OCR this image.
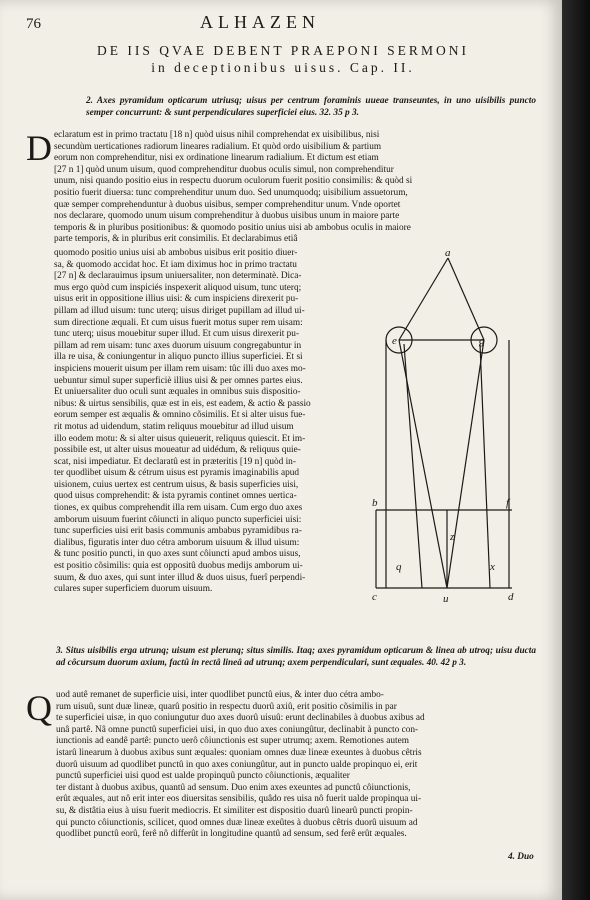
76	ALHAZEN
DE IIS QVAE DEBENT PRAEPONI SERMONI
in deceptionibus uisus. Cap. II.
2. Axes pyramidum opticarum utriusq; uisus per centrum foraminis uueae transeuntes, in uno uisibilis puncto semper concurrunt: & sunt perpendiculares superficiei eius. 32. 35 p 3.
D eclaratum est in primo tractatu [18 n] quòd uisus nihil comprehendat ex uisibilibus, nisi
secundùm uerticationes radiorum lineares radialium. Et quòd ordo uisibilium & partium
eorum non comprehenditur, nisi ex ordinatione linearum radialium. Et dictum est etiam
[27 n 1] quòd unum uisum, quod comprehenditur duobus oculis simul, non comprehenditur
unum, nisi quando positio eius in respectu duorum oculorum fuerit positio consimilis: & quòd si
positio fuerit diuersa: tunc comprehenditur unum duo. Sed unumquodq; uisibilium assuetorum,
quæ semper comprehenduntur à duobus uisibus, semper comprehenditur unum. Vnde oportet
nos declarare, quomodo unum uisum comprehenditur à duobus uisibus unum in maiore parte
temporis & in pluribus positionibus: & quomodo positio unius uisi ab ambobus oculis in maiore
parte temporis, & in pluribus erit consimilis. Et declarabimus etiâ
quomodo positio unius uisi ab ambobus uisibus erit positio diuer-
sa, & quomodo accidat hoc. Et iam diximus hoc in primo tractatu
[27 n] & declarauimus ipsum uniuersaliter, non determinatè. Dica-
mus ergo quòd cum inspiciés inspexerit aliquod uisum, tunc uterq;
uisus erit in oppositione illius uisi: & cum inspiciens direxerit pu-
pillam ad illud uisum: tunc uterq; uisus diriget pupillam ad illud ui-
sum directione æquali. Et cum uisus fuerit motus super rem uisam:
tunc uterq; uisus mouebitur super illud. Et cum uisus direxerit pu-
pillam ad rem uisam: tunc axes duorum uisuum congregabuntur in
illa re uisa, & coniungentur in aliquo puncto illius superficiei. Et si
inspiciens mouerit uisum per illam rem uisam: tûc illi duo axes mo-
uebuntur simul super superficiè illius uisi & per omnes partes eius.
Et uniuersaliter duo oculi sunt æquales in omnibus suis dispositio-
nibus: & uirtus sensibilis, quæ est in eis, est eadem, & actio & passio
eorum semper est æqualis & omnino cõsimilis. Et si alter uisus fue-
rit motus ad uidendum, statim reliquus mouebitur ad illud uisum
illo eodem motu: & si alter uisus quieuerit, reliquus quiescit. Et im-
possibile est, ut alter uisus moueatur ad uidédum, & reliquus quie-
scat, nisi impediatur. Et declaratû est in præteritis [19 n] quòd in-
ter quodlibet uisum & cétrum uisus est pyramis imaginabilis apud
uisionem, cuius uertex est centrum uisus, & basis superficies uisi,
quod uisus comprehendit: & ista pyramis continet omnes uertica-
tiones, ex quibus comprehendit illa rem uisam. Cum ergo duo axes
amborum uisuum fuerint côiuncti in aliquo puncto superficiei uisi:
tunc superficies uisi erit basis communis ambabus pyramidibus ra-
dialibus, figuratis inter duo cétra amborum uisuum & illud uisum:
& tunc positio puncti, in quo axes sunt côiuncti apud ambos uisus,
est positio cõsimilis: quia est oppositû duobus medijs amborum ui-
suum, & duo axes, qui sunt inter illud & duos uisus, fuerî perpendi-
culares super superficiem duorum uisuum.
a
e	g
b
z
f
q	x
c	u	d
3. Situs uisibilis erga utrunq; uisum est plerunq; situs similis. Itaq; axes pyramidum opticarum & linea ab utroq; uisu ducta ad côcursum duorum axium, factû in rectâ lineâ ad utrunq; axem perpendiculari, sunt æquales. 40. 42 p 3.
Q uod autê remanet de superficie uisi, inter quodlibet punctû eius, & inter duo cétra ambo-
rum uisuû, sunt duæ lineæ, quarû positio in respectu duorû axiû, erit positio cõsimilis in par
te superficiei uisæ, in quo coniungutur duo axes duorû uisuû: erunt declinabiles à duobus axibus ad
unâ partê. Nâ omne punctû superficiei uisi, in quo duo axes coniungûtur, declinabit à puncto con-
iunctionis ad eandê partê: puncto uerô côiunctionis est super utrumq; axem. Remotiones autem
istarû linearum à duobus axibus sunt æquales: quoniam omnes duæ lineæ exeuntes à duobus cêtris
duorû uisuum ad quodlibet punctû in quo axes coniungûtur, aut in puncto ualde propinquo ei, erit
punctû superficiei uisi quod est ualde propinquû puncto côiunctionis, æqualiter
ter distant à duobus axibus, quantû ad sensum. Duo enim axes exeuntes ad punctû côiunctionis,
erût æquales, aut nô erit inter eos diuersitas sensibilis, quâdo res uisa nô fuerit ualde propinqua ui-
su, & distâtia eius à uisu fuerit mediocris. Et similiter est dispositio duarû linearû puncti propin-
qui puncto côiunctionis, scilicet, quod omnes duæ lineæ exeûtes à duobus cêtris duorû uisuum ad
quodlibet punctû eorû, ferê nô differût in longitudine quantû ad sensum, sed ferê erût æquales.
4. Duo
